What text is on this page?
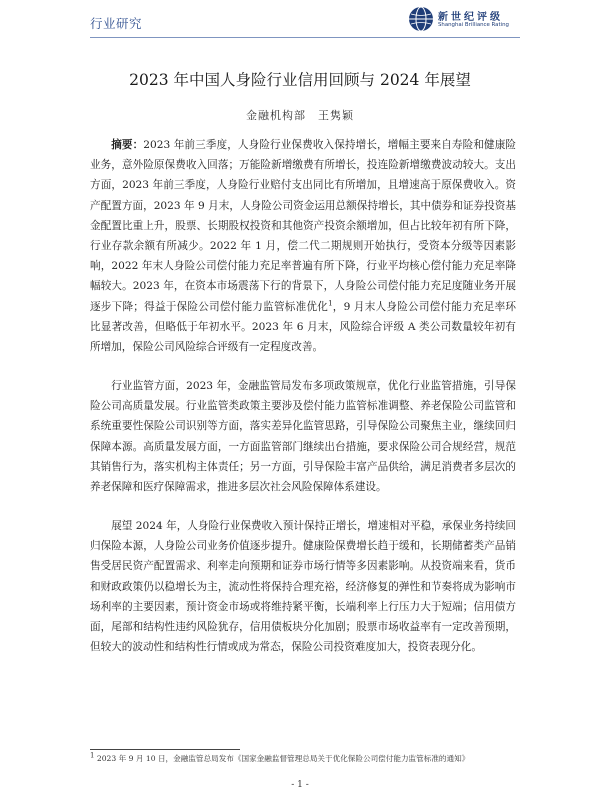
行业研究	新世纪评级
Shanghai Brilliance Rating
2023 年中国人身险行业信用回顾与 2024 年展望
金融机构部　王隽颖

摘要：2023 年前三季度，人身险行业保费收入保持增长，增幅主要来自寿险和健康险业务，意外险原保费收入回落；万能险新增缴费有所增长，投连险新增缴费波动较大。支出方面，2023 年前三季度，人身险行业赔付支出同比有所增加，且增速高于原保费收入。资产配置方面，2023 年 9 月末，人身险公司资金运用总额保持增长，其中债券和证券投资基金配置比重上升，股票、长期股权投资和其他资产投资余额增加，但占比较年初有所下降，行业存款余额有所减少。2022 年 1 月，偿二代二期规则开始执行，受资本分级等因素影响，2022 年末人身险公司偿付能力充足率普遍有所下降，行业平均核心偿付能力充足率降幅较大。2023 年，在资本市场震荡下行的背景下，人身险公司偿付能力充足度随业务开展逐步下降；得益于保险公司偿付能力监管标准优化$^1$，9 月末人身险公司偿付能力充足率环比显著改善，但略低于年初水平。2023 年 6 月末，风险综合评级 A 类公司数量较年初有所增加，保险公司风险综合评级有一定程度改善。

行业监管方面，2023 年，金融监管局发布多项政策规章，优化行业监管措施，引导保险公司高质量发展。行业监管类政策主要涉及偿付能力监管标准调整、养老保险公司监管和系统重要性保险公司识别等方面，落实差异化监管思路，引导保险公司聚焦主业，继续回归保障本源。高质量发展方面，一方面监管部门继续出台措施，要求保险公司合规经营，规范其销售行为，落实机构主体责任；另一方面，引导保险丰富产品供给，满足消费者多层次的养老保障和医疗保障需求，推进多层次社会风险保障体系建设。

展望 2024 年，人身险行业保费收入预计保持正增长，增速相对平稳，承保业务持续回归保险本源，人身险公司业务价值逐步提升。健康险保费增长趋于缓和，长期储蓄类产品销售受居民资产配置需求、利率走向预期和证券市场行情等多因素影响。从投资端来看，货币和财政政策仍以稳增长为主，流动性将保持合理充裕，经济修复的弹性和节奏将成为影响市场利率的主要因素，预计资金市场或将维持紧平衡，长端利率上行压力大于短端；信用债方面，尾部和结构性违约风险犹存，信用债板块分化加剧；股票市场收益率有一定改善预期，但较大的波动性和结构性行情或成为常态，保险公司投资难度加大，投资表现分化。

1 2023 年 9 月 10 日，金融监管总局发布《国家金融监督管理总局关于优化保险公司偿付能力监管标准的通知》
- 1 -
